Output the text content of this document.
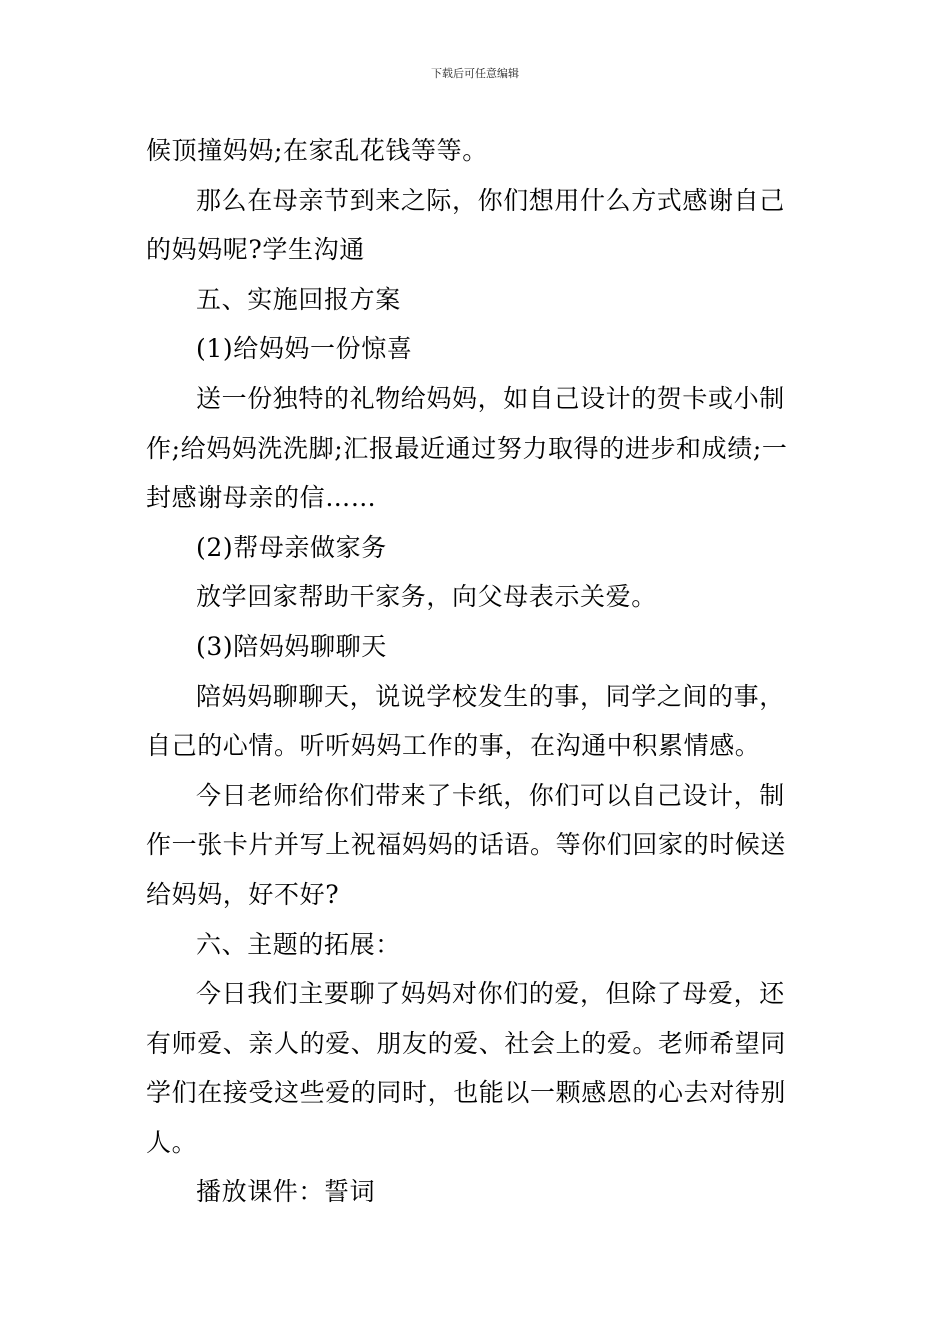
下载后可任意编辑

候顶撞妈妈;在家乱花钱等等。

那么在母亲节到来之际，你们想用什么方式感谢自己
的妈妈呢?学生沟通

五、实施回报方案

(1)给妈妈一份惊喜

送一份独特的礼物给妈妈，如自己设计的贺卡或小制
作;给妈妈洗洗脚;汇报最近通过努力取得的进步和成绩;一
封感谢母亲的信……

(2)帮母亲做家务

放学回家帮助干家务，向父母表示关爱。

(3)陪妈妈聊聊天

陪妈妈聊聊天，说说学校发生的事，同学之间的事，
自己的心情。听听妈妈工作的事，在沟通中积累情感。

今日老师给你们带来了卡纸，你们可以自己设计，制
作一张卡片并写上祝福妈妈的话语。等你们回家的时候送
给妈妈，好不好?

六、主题的拓展：

今日我们主要聊了妈妈对你们的爱，但除了母爱，还
有师爱、亲人的爱、朋友的爱、社会上的爱。老师希望同
学们在接受这些爱的同时，也能以一颗感恩的心去对待别
人。

播放课件：誓词
